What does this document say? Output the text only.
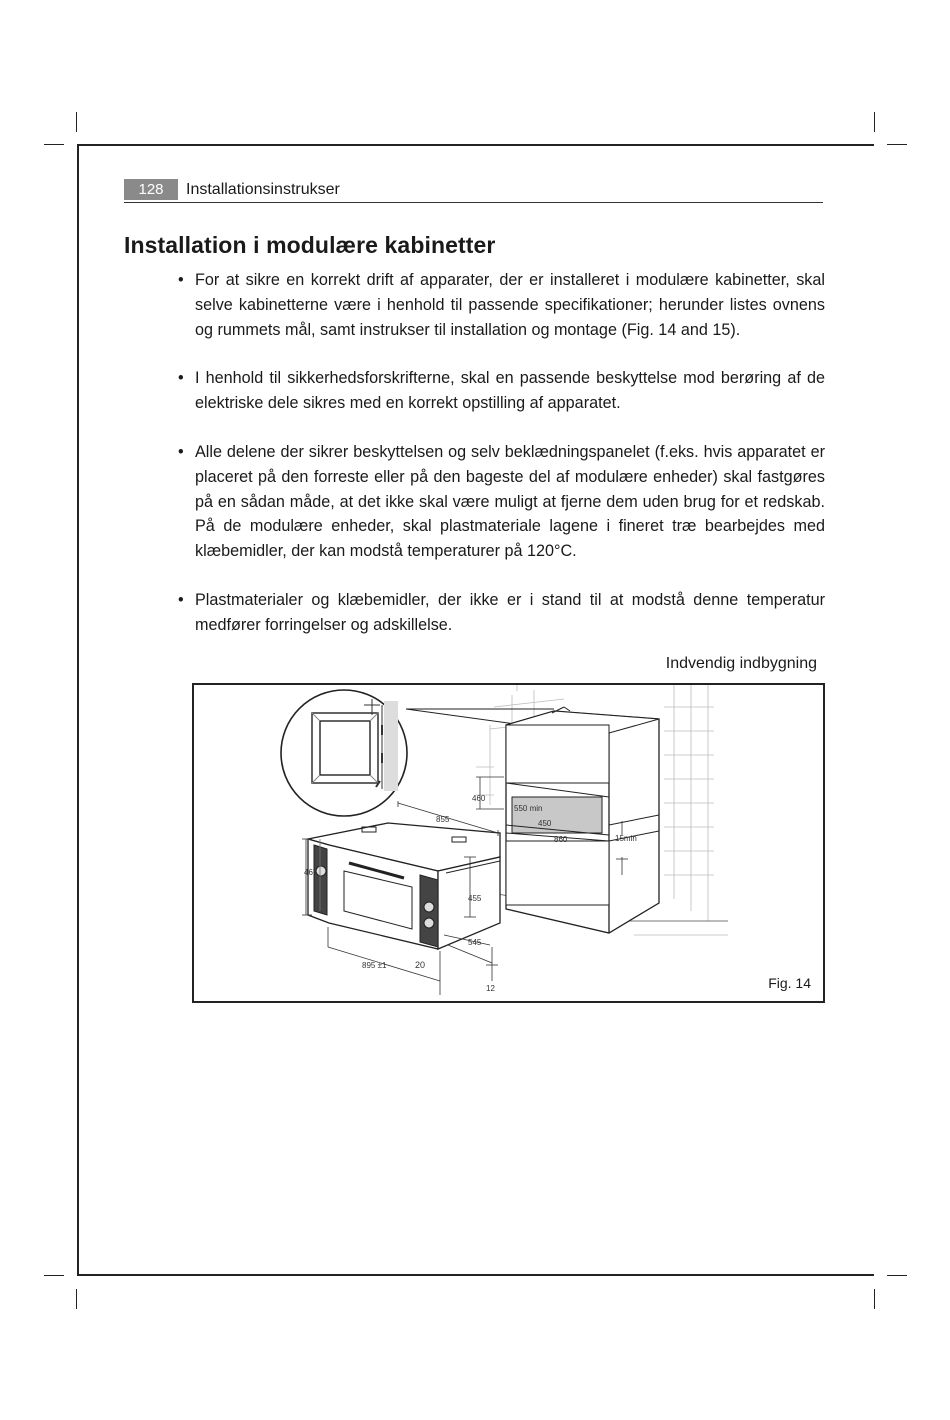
128	Installationsinstrukser
Installation i modulære kabinetter
• For at sikre en korrekt drift af apparater, der er installeret i modulære kabinetter, skal selve kabinetterne være i henhold til passende specifikationer; herunder listes ovnens og rummets mål, samt instrukser til installation og montage (Fig. 14 and 15).
• I henhold til sikkerhedsforskrifterne, skal en passende beskyttelse mod berøring af de elektriske dele sikres med en korrekt opstilling af apparatet.
• Alle delene der sikrer beskyttelsen og selv beklædningspanelet (f.eks. hvis apparatet er placeret på den forreste eller på den bageste del af modulære enheder) skal fastgøres på en sådan måde, at det ikke skal være muligt at fjerne dem uden brug for et redskab. På de modulære enheder, skal plastmateriale lagene i fineret træ bearbejdes med klæbemidler, der kan modstå temperaturer på 120°C.
• Plastmaterialer og klæbemidler, der ikke er i stand til at modstå denne temperatur medfører forringelser og adskillelse.
Indvendig indbygning
460
550 min
450
860	15min
855
467
455
545
895 ±1	20
12	Fig. 14
